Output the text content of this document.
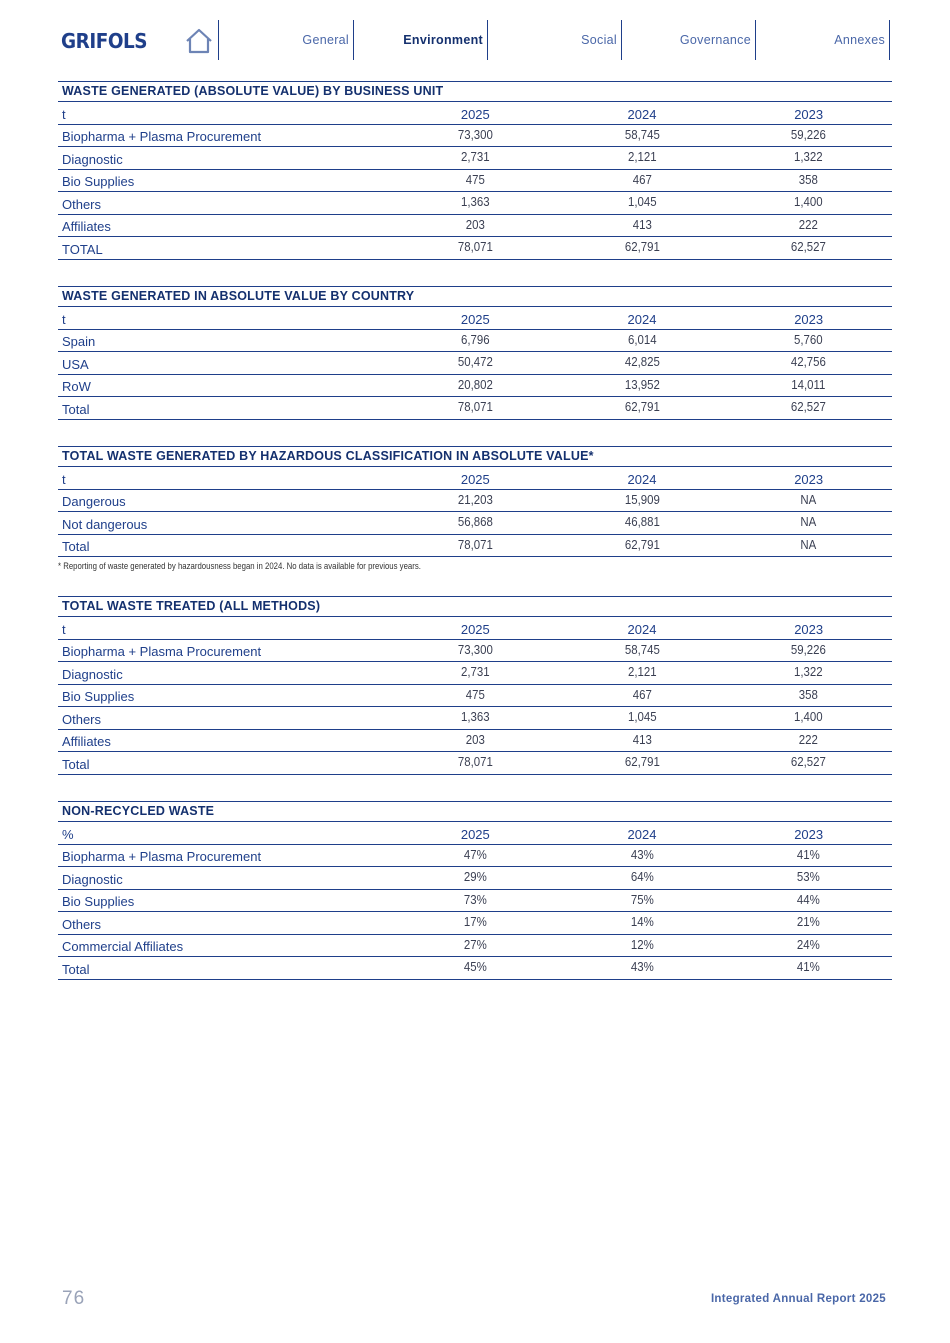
GRIFOLS	General	Environment	Social	Governance	Annexes
WASTE GENERATED (ABSOLUTE VALUE) BY BUSINESS UNIT
t	2025	2024	2023
Biopharma + Plasma Procurement	73,300	58,745	59,226
Diagnostic	2,731	2,121	1,322
Bio Supplies	475	467	358
Others	1,363	1,045	1,400
Affiliates	203	413	222
TOTAL	78,071	62,791	62,527
WASTE GENERATED IN ABSOLUTE VALUE BY COUNTRY
t	2025	2024	2023
Spain	6,796	6,014	5,760
USA	50,472	42,825	42,756
RoW	20,802	13,952	14,011
Total	78,071	62,791	62,527
TOTAL WASTE GENERATED BY HAZARDOUS CLASSIFICATION IN ABSOLUTE VALUE*
t	2025	2024	2023
Dangerous	21,203	15,909	NA
Not dangerous	56,868	46,881	NA
Total	78,071	62,791	NA
* Reporting of waste generated by hazardousness began in 2024. No data is available for previous years.
TOTAL WASTE TREATED (ALL METHODS)
t	2025	2024	2023
Biopharma + Plasma Procurement	73,300	58,745	59,226
Diagnostic	2,731	2,121	1,322
Bio Supplies	475	467	358
Others	1,363	1,045	1,400
Affiliates	203	413	222
Total	78,071	62,791	62,527
NON-RECYCLED WASTE
%	2025	2024	2023
Biopharma + Plasma Procurement	47%	43%	41%
Diagnostic	29%	64%	53%
Bio Supplies	73%	75%	44%
Others	17%	14%	21%
Commercial Affiliates	27%	12%	24%
Total	45%	43%	41%
76	Integrated Annual Report 2025
